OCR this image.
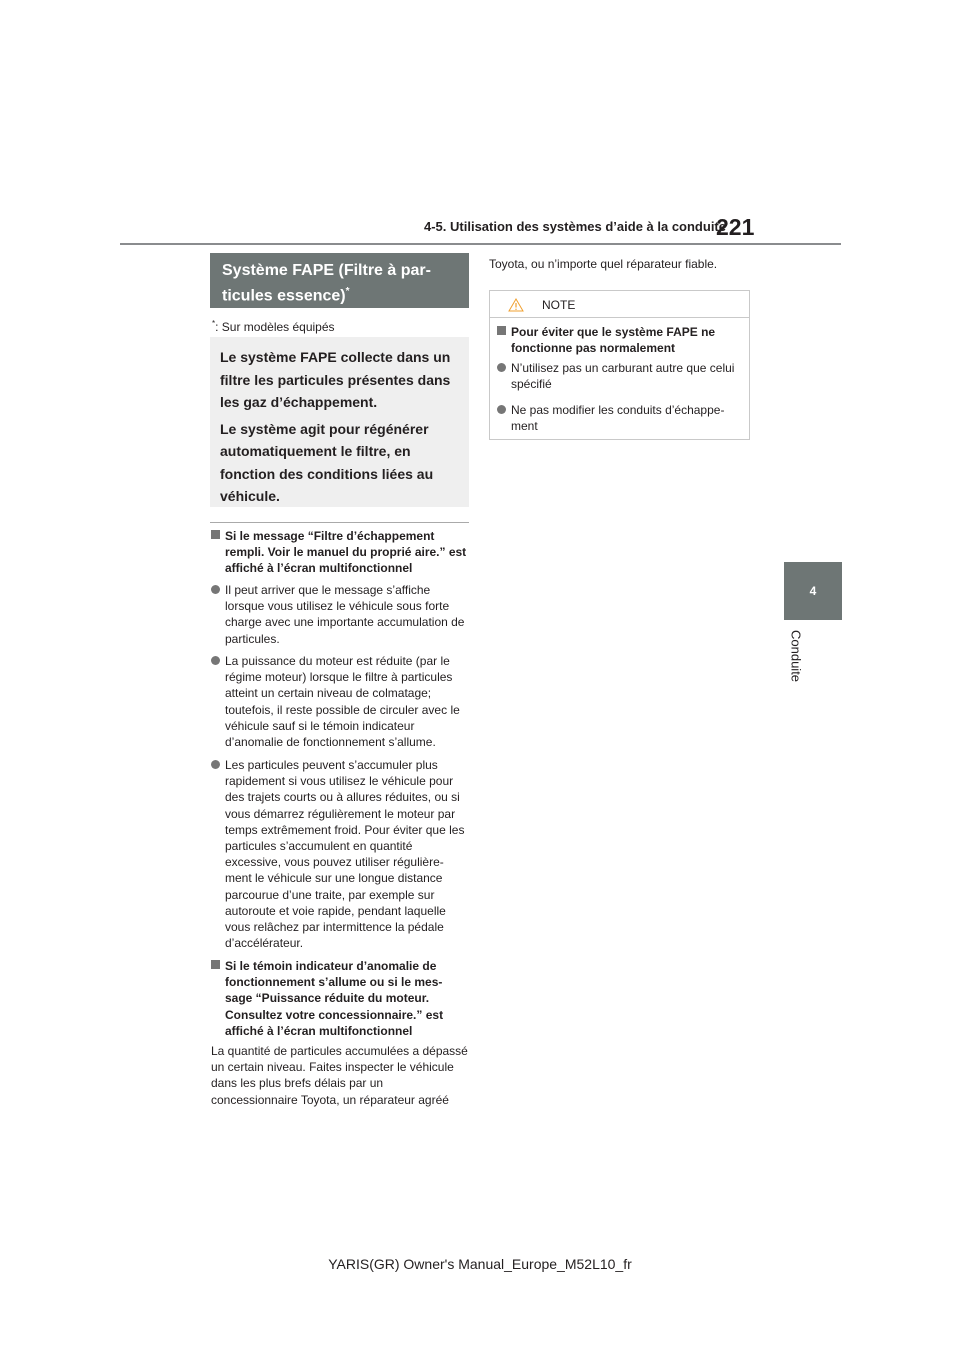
4-5. Utilisation des systèmes d’aide à la conduite
221
4
Conduite
Système FAPE (Filtre à par-
ticules essence)*
*: Sur modèles équipés

Le système FAPE collecte dans un filtre les particules présentes dans les gaz d’échappement.

Le système agit pour régénérer automatiquement le filtre, en fonction des conditions liées au véhicule.

Si le message “Filtre d’échappement rempli. Voir le manuel du proprié aire.” est affiché à l’écran multifonctionnel
Il peut arriver que le message s’affiche lorsque vous utilisez le véhicule sous forte charge avec une importante accumulation de particules.
La puissance du moteur est réduite (par le régime moteur) lorsque le filtre à particules atteint un certain niveau de colmatage; toutefois, il reste possible de circuler avec le véhicule sauf si le témoin indicateur d’anomalie de fonctionnement s’allume.
Les particules peuvent s’accumuler plus rapidement si vous utilisez le véhicule pour des trajets courts ou à allures réduites, ou si vous démarrez régulièrement le moteur par temps extrêmement froid. Pour éviter que les particules s’accumulent en quantité excessive, vous pouvez utiliser régulière- ment le véhicule sur une longue distance parcourue d’une traite, par exemple sur autoroute et voie rapide, pendant laquelle vous relâchez par intermittence la pédale d’accélérateur.
Si le témoin indicateur d’anomalie de fonctionnement s’allume ou si le mes- sage “Puissance réduite du moteur. Consultez votre concessionnaire.” est affiché à l’écran multifonctionnel
La quantité de particules accumulées a dépassé un certain niveau. Faites inspecter le véhicule dans les plus brefs délais par un concessionnaire Toyota, un réparateur agréé
Toyota, ou n’importe quel réparateur fiable.
NOTE
Pour éviter que le système FAPE ne fonctionne pas normalement
N’utilisez pas un carburant autre que celui spécifié
Ne pas modifier les conduits d’échappe- ment
YARIS(GR) Owner's Manual_Europe_M52L10_fr
